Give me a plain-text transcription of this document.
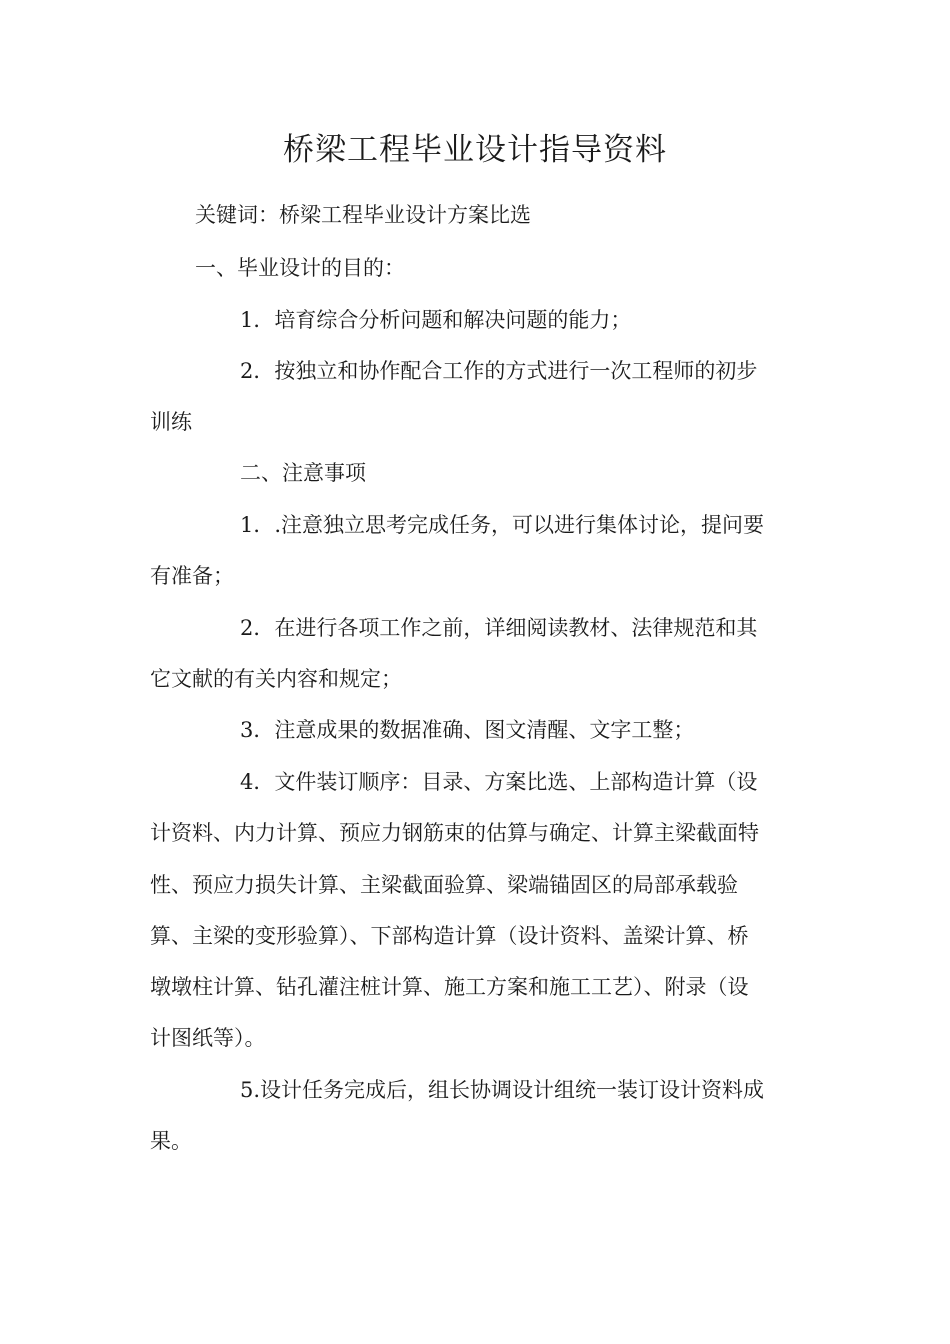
桥梁工程毕业设计指导资料
关键词：桥梁工程毕业设计方案比选
一、毕业设计的目的：
1．培育综合分析问题和解决问题的能力；
2．按独立和协作配合工作的方式进行一次工程师的初步
训练
二、注意事项
1．.注意独立思考完成任务，可以进行集体讨论，提问要
有准备；
2．在进行各项工作之前，详细阅读教材、法律规范和其
它文献的有关内容和规定；
3．注意成果的数据准确、图文清醒、文字工整；
4．文件装订顺序：目录、方案比选、上部构造计算（设
计资料、内力计算、预应力钢筋束的估算与确定、计算主梁截面特
性、预应力损失计算、主梁截面验算、梁端锚固区的局部承载验
算、主梁的变形验算）、下部构造计算（设计资料、盖梁计算、桥
墩墩柱计算、钻孔灌注桩计算、施工方案和施工工艺）、附录（设
计图纸等）。
5.设计任务完成后，组长协调设计组统一装订设计资料成
果。
